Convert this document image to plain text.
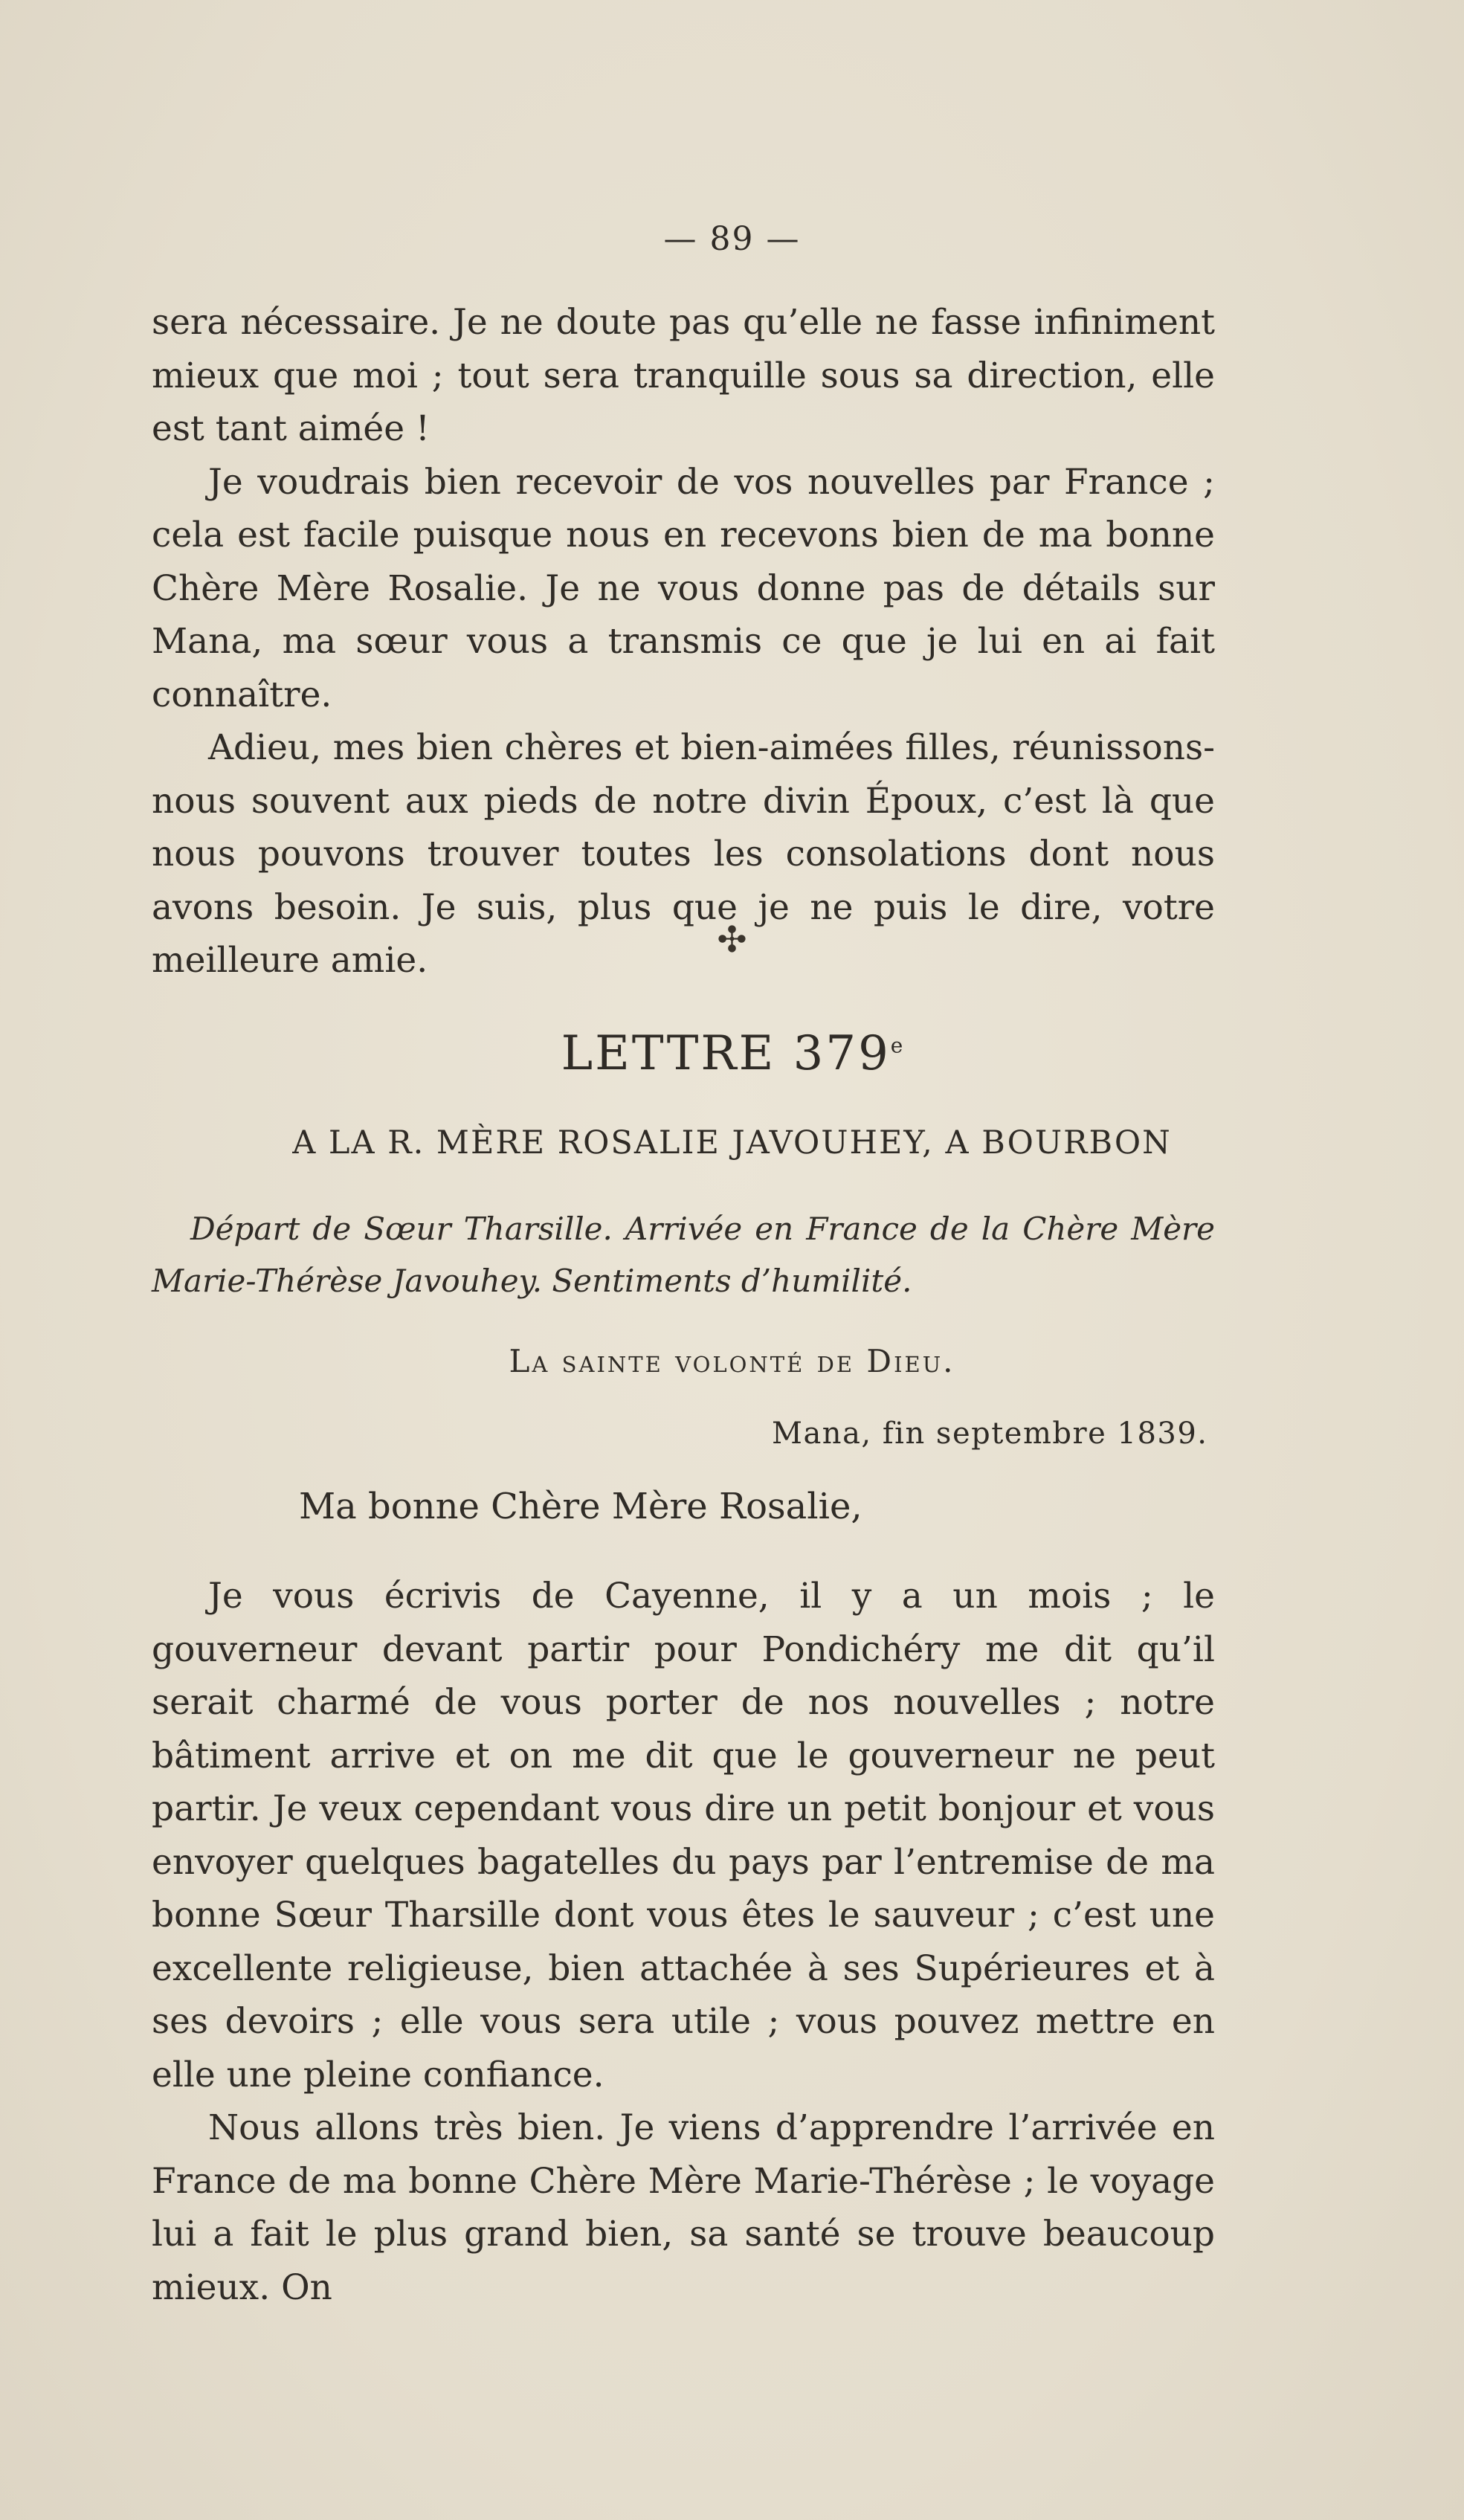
— 89 —

sera nécessaire. Je ne doute pas qu’elle ne fasse infiniment mieux que moi ; tout sera tranquille sous sa direction, elle est tant aimée !

Je voudrais bien recevoir de vos nouvelles par France ; cela est facile puisque nous en recevons bien de ma bonne Chère Mère Rosalie. Je ne vous donne pas de détails sur Mana, ma sœur vous a transmis ce que je lui en ai fait connaître.

Adieu, mes bien chères et bien-aimées filles, réunissons-nous souvent aux pieds de notre divin Époux, c’est là que nous pouvons trouver toutes les consolations dont nous avons besoin. Je suis, plus que je ne puis le dire, votre meilleure amie.	✣
LETTRE 379e
A LA R. MÈRE ROSALIE JAVOUHEY, A BOURBON
Départ de Sœur Tharsille. Arrivée en France de la Chère Mère Marie-Thérèse Javouhey. Sentiments d’humilité.
La sainte volonté de Dieu.
Mana, fin septembre 1839.
Ma bonne Chère Mère Rosalie,

Je vous écrivis de Cayenne, il y a un mois ; le gouverneur devant partir pour Pondichéry me dit qu’il serait charmé de vous porter de nos nouvelles ; notre bâtiment arrive et on me dit que le gouverneur ne peut partir. Je veux cependant vous dire un petit bonjour et vous envoyer quelques bagatelles du pays par l’entremise de ma bonne Sœur Tharsille dont vous êtes le sauveur ; c’est une excellente religieuse, bien attachée à ses Supérieures et à ses devoirs ; elle vous sera utile ; vous pouvez mettre en elle une pleine confiance.

Nous allons très bien. Je viens d’apprendre l’arrivée en France de ma bonne Chère Mère Marie-Thérèse ; le voyage lui a fait le plus grand bien, sa santé se trouve beaucoup mieux. On
